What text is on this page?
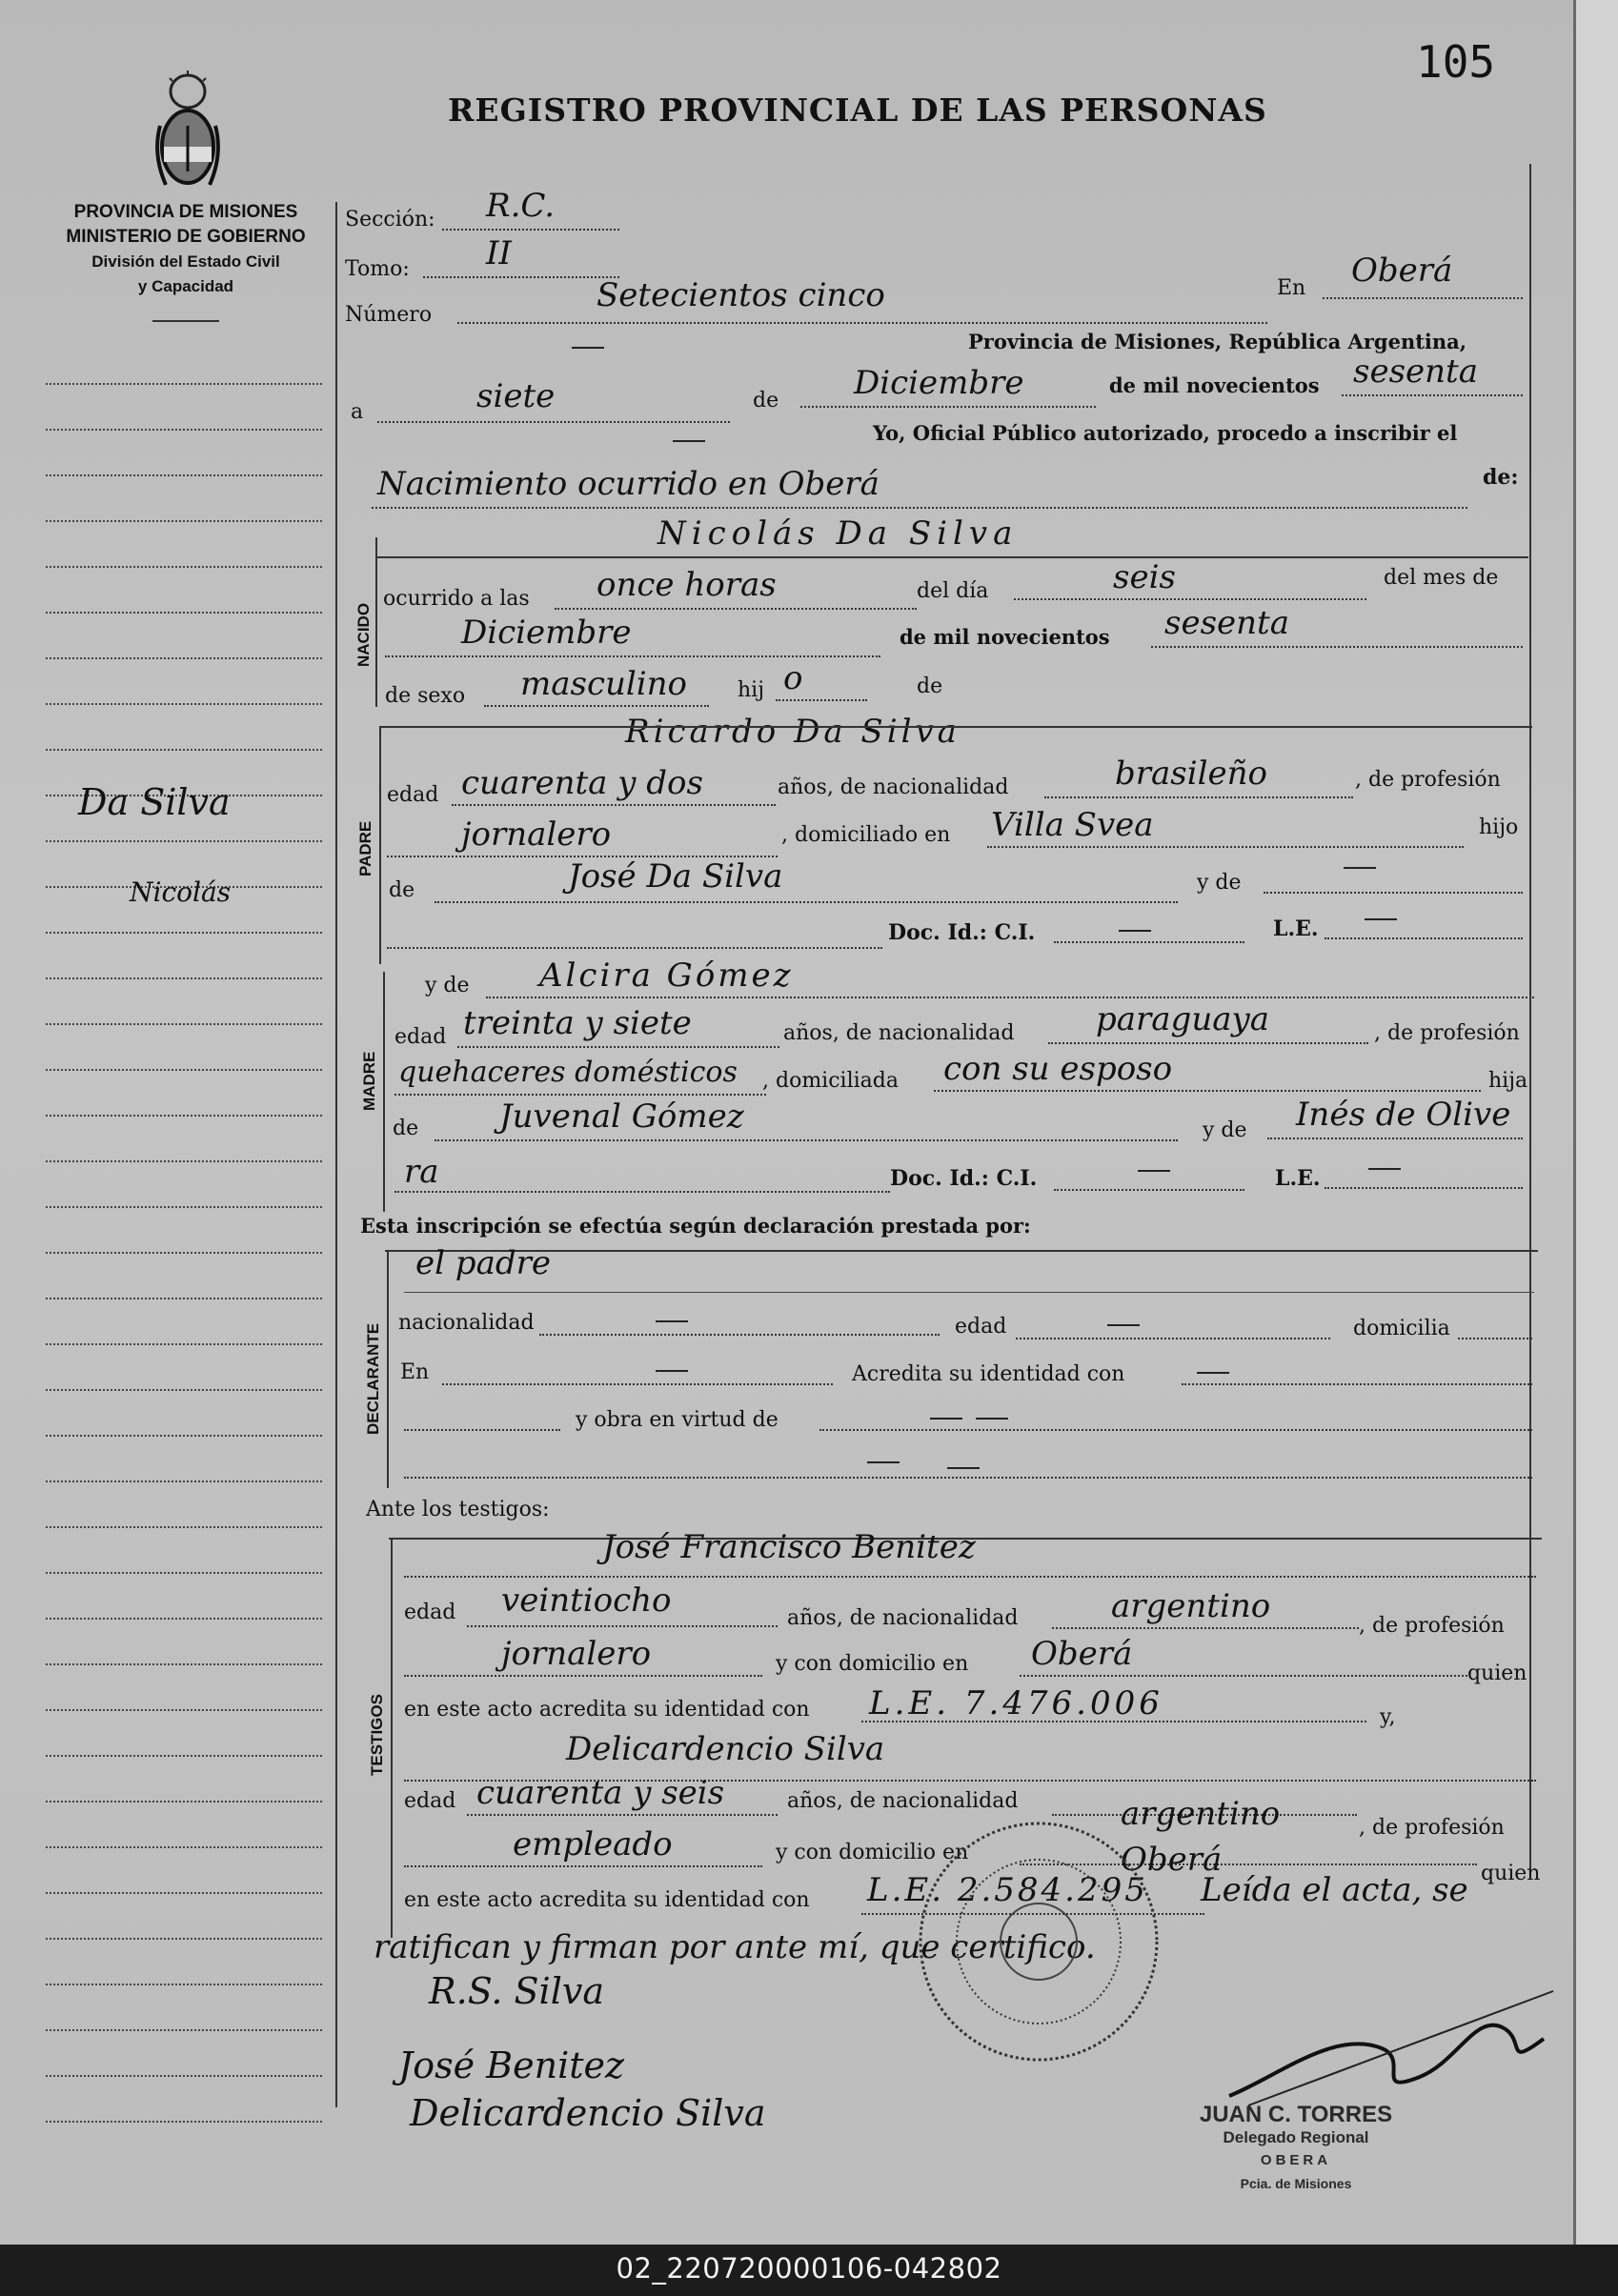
REGISTRO PROVINCIAL DE LAS PERSONAS
105
PROVINCIA DE MISIONES
MINISTERIO DE GOBIERNO
División del Estado Civil
y Capacidad
Da Silva
Nicolás
Sección: R.C.
Tomo: II
Número
Setecientos cinco	En Oberá
Provincia de Misiones, República Argentina,
a	siete	de Diciembre	de mil novecientos sesenta
Yo, Oficial Público autorizado, procedo a inscribir el
Nacimiento ocurrido en Oberá	de:
NACIDO
Nicolás Da Silva
ocurrido a las once horas	del día	seis	del mes de
Diciembre	de mil novecientos sesenta
de sexo masculino hij o	de
Ricardo Da Silva
PADRE
edad cuarenta y dos	años, de nacionalidad	brasileño	, de profesión
jornalero	, domiciliado en Villa Svea	hijo
de	José Da Silva	y de
Doc. Id.: C.I.	L.E.
MADRE
y de Alcira Gómez
edad treinta y siete	años, de nacionalidad	paraguaya	, de profesión
quehaceres domésticos , domiciliada con su esposo	hija
de Juvenal Gómez	y de Inés de Olive
ra	Doc. Id.: C.I.	L.E.
Esta inscripción se efectúa según declaración prestada por:
DECLARANTE
el padre
nacionalidad	edad	domicilia
En	Acredita su identidad con
y obra en virtud de
Ante los testigos:
TESTIGOS
José Francisco Benitez
edad veintiocho	años, de nacionalidad	argentino
, de profesión
jornalero	y con domicilio en Oberá
quien
en este acto acredita su identidad con L.E. 7.476.006	y,
Delicardencio Silva
edad cuarenta y seis	años, de nacionalidad	argentino	, de profesión
empleado	y con domicilio en	Oberá	quien
en este acto acredita su identidad con L.E. 2.584.295 Leída el acta, se
ratifican y firman por ante mí, que certifico.
R.S. Silva
José Benitez
Delicardencio Silva	JUAN C. TORRES
Delegado Regional
OBERA
Pcia. de Misiones
02_220720000106-042802
